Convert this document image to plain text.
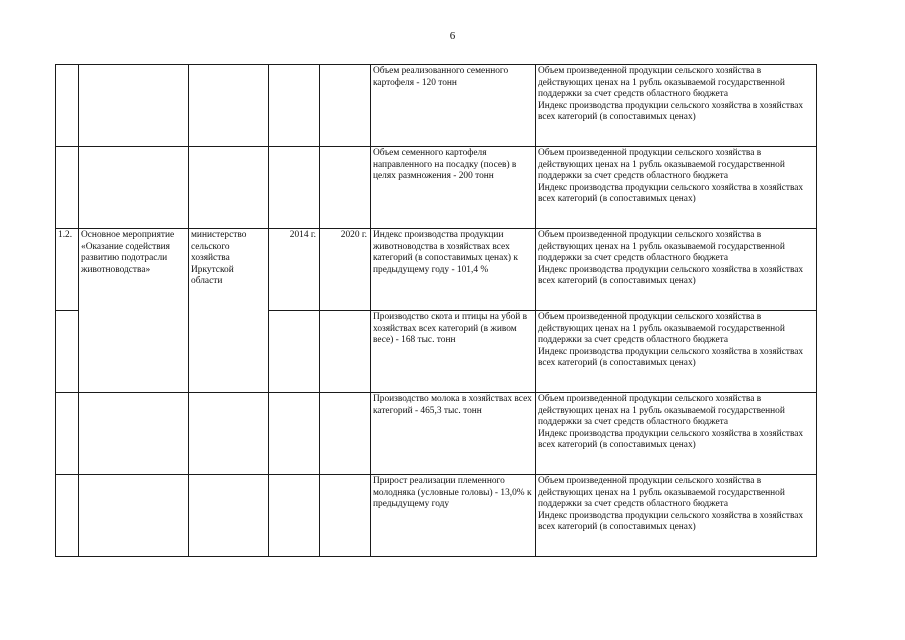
6
					Объем реализованного семенного картофеля - 120 тонн	Объем произведенной продукции сельского хозяйства в действующих ценах на 1 рубль оказываемой государственной поддержки за счет средств областного бюджета
Индекс производства продукции сельского хозяйства в хозяйствах всех категорий (в сопоставимых ценах)

					Объем семенного картофеля направленного на посадку (посев) в целях размножения - 200 тонн	Объем произведенной продукции сельского хозяйства в действующих ценах на 1 рубль оказываемой государственной поддержки за счет средств областного бюджета
Индекс производства продукции сельского хозяйства в хозяйствах всех категорий (в сопоставимых ценах)

1.2.	Основное мероприятие «Оказание содействия развитию подотрасли животноводства»	министерство сельского хозяйства Иркутской области	2014 г.	2020 г.	Индекс производства продукции животноводства в хозяйствах всех категорий (в сопоставимых ценах) к предыдущему году - 101,4 %	Объем произведенной продукции сельского хозяйства в действующих ценах на 1 рубль оказываемой государственной поддержки за счет средств областного бюджета
Индекс производства продукции сельского хозяйства в хозяйствах всех категорий (в сопоставимых ценах)

					Производство скота и птицы на убой в хозяйствах всех категорий (в живом весе) - 168 тыс. тонн	Объем произведенной продукции сельского хозяйства в действующих ценах на 1 рубль оказываемой государственной поддержки за счет средств областного бюджета
Индекс производства продукции сельского хозяйства в хозяйствах всех категорий (в сопоставимых ценах)

					Производство молока в хозяйствах всех категорий - 465,3 тыс. тонн	Объем произведенной продукции сельского хозяйства в действующих ценах на 1 рубль оказываемой государственной поддержки за счет средств областного бюджета
Индекс производства продукции сельского хозяйства в хозяйствах всех категорий (в сопоставимых ценах)

					Прирост реализации племенного молодняка (условные головы) - 13,0% к предыдущему году	Объем произведенной продукции сельского хозяйства в действующих ценах на 1 рубль оказываемой государственной поддержки за счет средств областного бюджета
Индекс производства продукции сельского хозяйства в хозяйствах всех категорий (в сопоставимых ценах)
